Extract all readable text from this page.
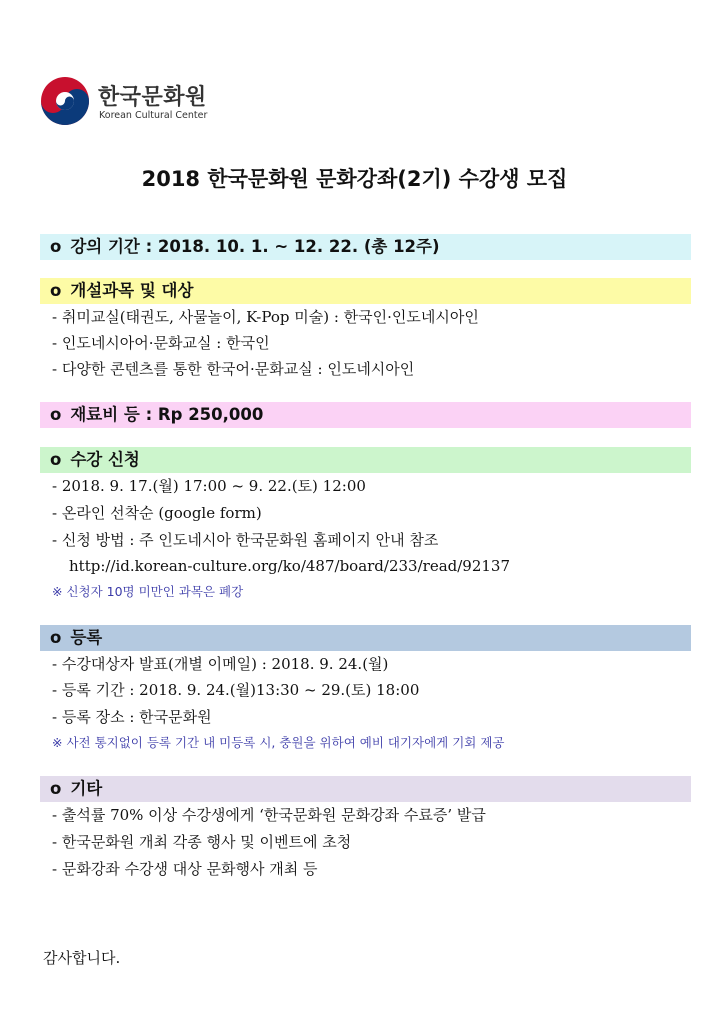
한국문화원
Korean Cultural Center
2018 한국문화원 문화강좌(2기) 수강생 모집
o 강의 기간 : 2018. 10. 1. ~ 12. 22. (총 12주)
o 개설과목 및 대상
- 취미교실(태권도, 사물놀이, K-Pop 미술) : 한국인·인도네시아인
- 인도네시아어·문화교실 : 한국인
- 다양한 콘텐츠를 통한 한국어·문화교실 : 인도네시아인
o 재료비 등 : Rp 250,000
o 수강 신청
- 2018. 9. 17.(월) 17:00 ~ 9. 22.(토) 12:00
- 온라인 선착순 (google form)
- 신청 방법 : 주 인도네시아 한국문화원 홈페이지 안내 참조
http://id.korean-culture.org/ko/487/board/233/read/92137
※ 신청자 10명 미만인 과목은 폐강
o 등록
- 수강대상자 발표(개별 이메일) : 2018. 9. 24.(월)
- 등록 기간 : 2018. 9. 24.(월)13:30 ~ 29.(토) 18:00
- 등록 장소 : 한국문화원
※ 사전 통지없이 등록 기간 내 미등록 시, 충원을 위하여 예비 대기자에게 기회 제공
o 기타
- 출석률 70% 이상 수강생에게 ‘한국문화원 문화강좌 수료증’ 발급
- 한국문화원 개최 각종 행사 및 이벤트에 초청
- 문화강좌 수강생 대상 문화행사 개최 등
감사합니다.
